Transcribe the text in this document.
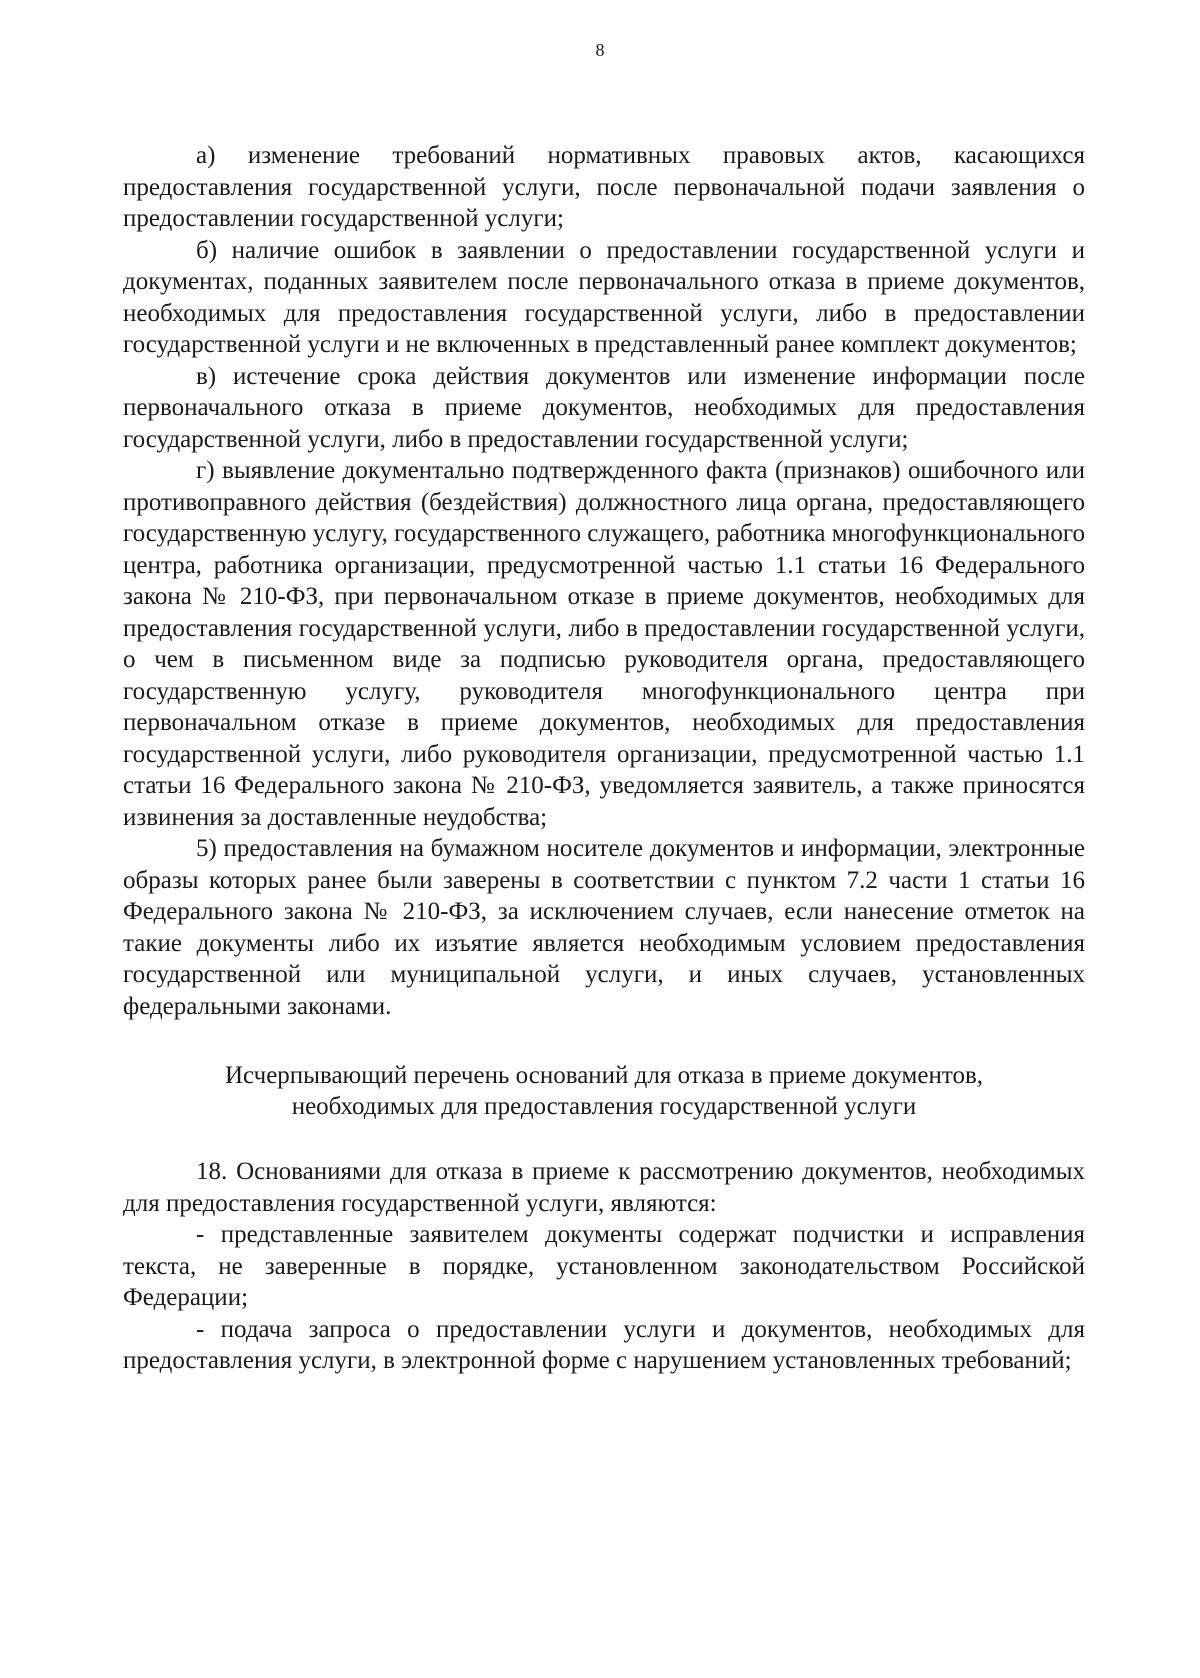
8

а) изменение требований нормативных правовых актов, касающихся предоставления государственной услуги, после первоначальной подачи заявления о предоставлении государственной услуги;

б) наличие ошибок в заявлении о предоставлении государственной услуги и документах, поданных заявителем после первоначального отказа в приеме документов, необходимых для предоставления государственной услуги, либо в предоставлении государственной услуги и не включенных в представленный ранее комплект документов;

в) истечение срока действия документов или изменение информации после первоначального отказа в приеме документов, необходимых для предоставления государственной услуги, либо в предоставлении государственной услуги;

г) выявление документально подтвержденного факта (признаков) ошибочного или противоправного действия (бездействия) должностного лица органа, предоставляющего государственную услугу, государственного служащего, работника многофункционального центра, работника организации, предусмотренной частью 1.1 статьи 16 Федерального закона № 210-ФЗ, при первоначальном отказе в приеме документов, необходимых для предоставления государственной услуги, либо в предоставлении государственной услуги, о чем в письменном виде за подписью руководителя органа, предоставляющего государственную услугу, руководителя многофункционального центра при первоначальном отказе в приеме документов, необходимых для предоставления государственной услуги, либо руководителя организации, предусмотренной частью 1.1 статьи 16 Федерального закона № 210-ФЗ, уведомляется заявитель, а также приносятся извинения за доставленные неудобства;

5) предоставления на бумажном носителе документов и информации, электронные образы которых ранее были заверены в соответствии с пунктом 7.2 части 1 статьи 16 Федерального закона № 210-ФЗ, за исключением случаев, если нанесение отметок на такие документы либо их изъятие является необходимым условием предоставления государственной или муниципальной услуги, и иных случаев, установленных федеральными законами.

Исчерпывающий перечень оснований для отказа в приеме документов,
необходимых для предоставления государственной услуги

18. Основаниями для отказа в приеме к рассмотрению документов, необходимых для предоставления государственной услуги, являются:

- представленные заявителем документы содержат подчистки и исправления текста, не заверенные в порядке, установленном законодательством Российской Федерации;

- подача запроса о предоставлении услуги и документов, необходимых для предоставления услуги, в электронной форме с нарушением установленных требований;
